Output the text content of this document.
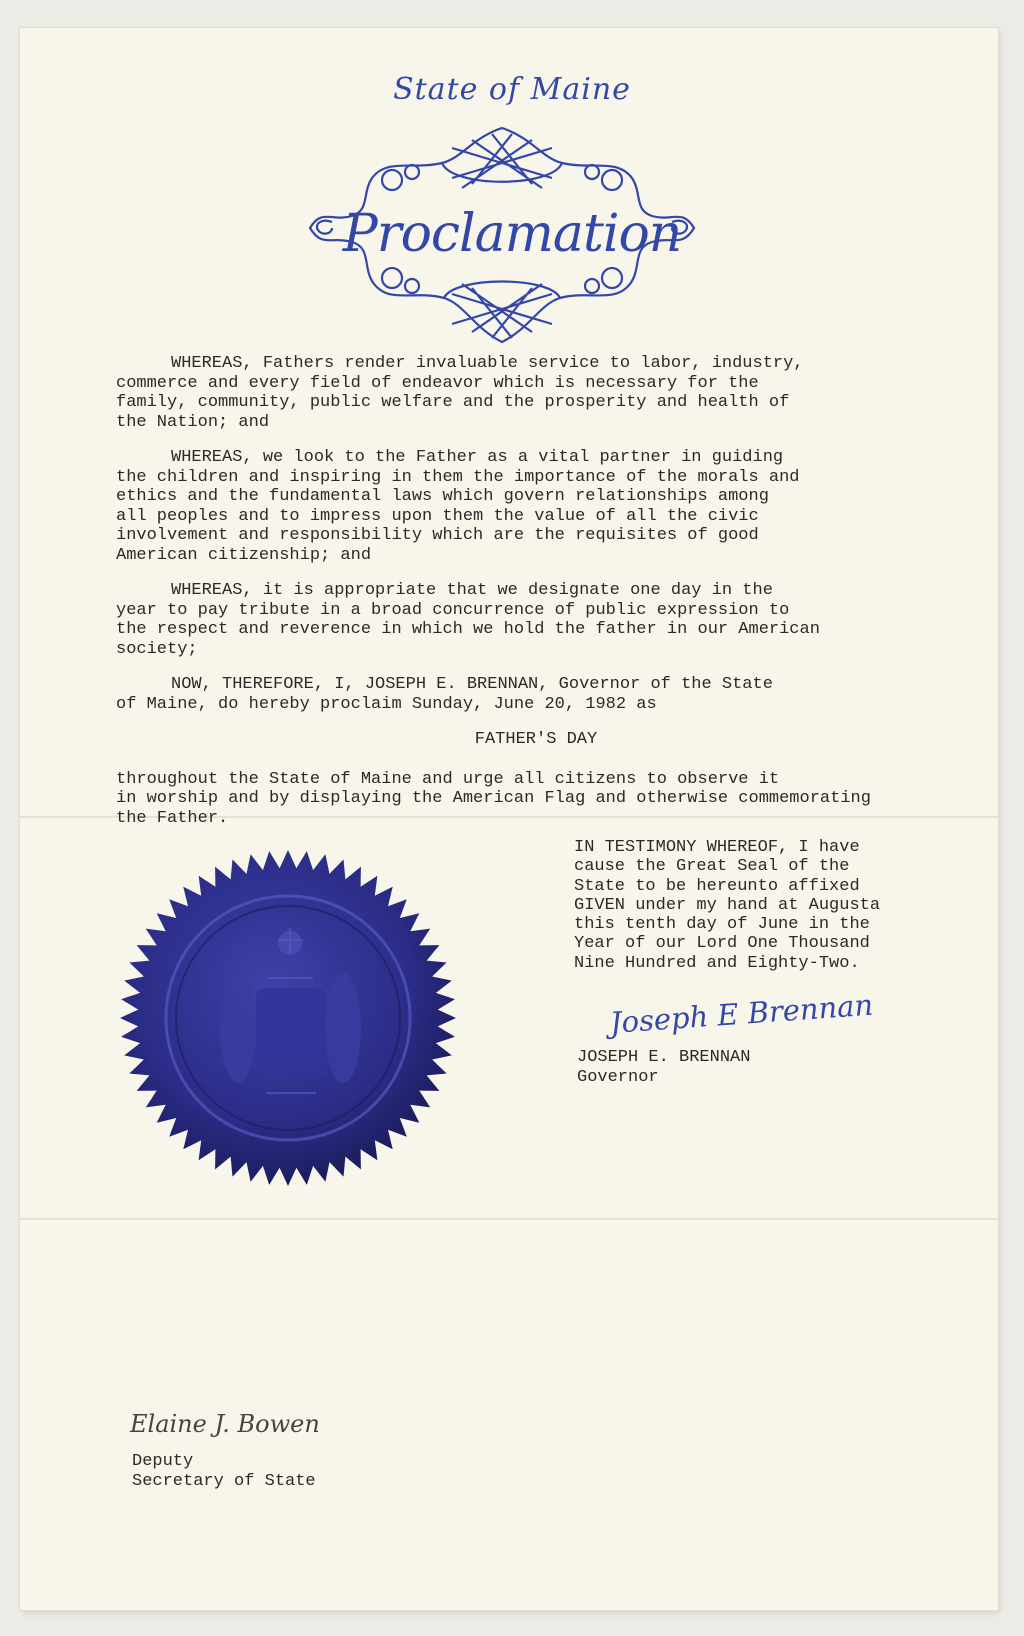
State of Maine
Proclamation

WHEREAS, Fathers render invaluable service to labor, industry,
commerce and every field of endeavor which is necessary for the
family, community, public welfare and the prosperity and health of
the Nation; and

WHEREAS, we look to the Father as a vital partner in guiding
the children and inspiring in them the importance of the morals and
ethics and the fundamental laws which govern relationships among
all peoples and to impress upon them the value of all the civic
involvement and responsibility which are the requisites of good
American citizenship; and

WHEREAS, it is appropriate that we designate one day in the
year to pay tribute in a broad concurrence of public expression to
the respect and reverence in which we hold the father in our American
society;

NOW, THEREFORE, I, JOSEPH E. BRENNAN, Governor of the State
of Maine, do hereby proclaim Sunday, June 20, 1982 as

FATHER'S DAY

throughout the State of Maine and urge all citizens to observe it
in worship and by displaying the American Flag and otherwise commemorating
the Father.

IN TESTIMONY WHEREOF, I have
cause the Great Seal of the
State to be hereunto affixed
GIVEN under my hand at Augusta
this tenth day of June in the
Year of our Lord One Thousand
Nine Hundred and Eighty-Two.
Joseph E Brennan
JOSEPH E. BRENNAN
Governor
Elaine J. Bowen
Deputy
Secretary of State
